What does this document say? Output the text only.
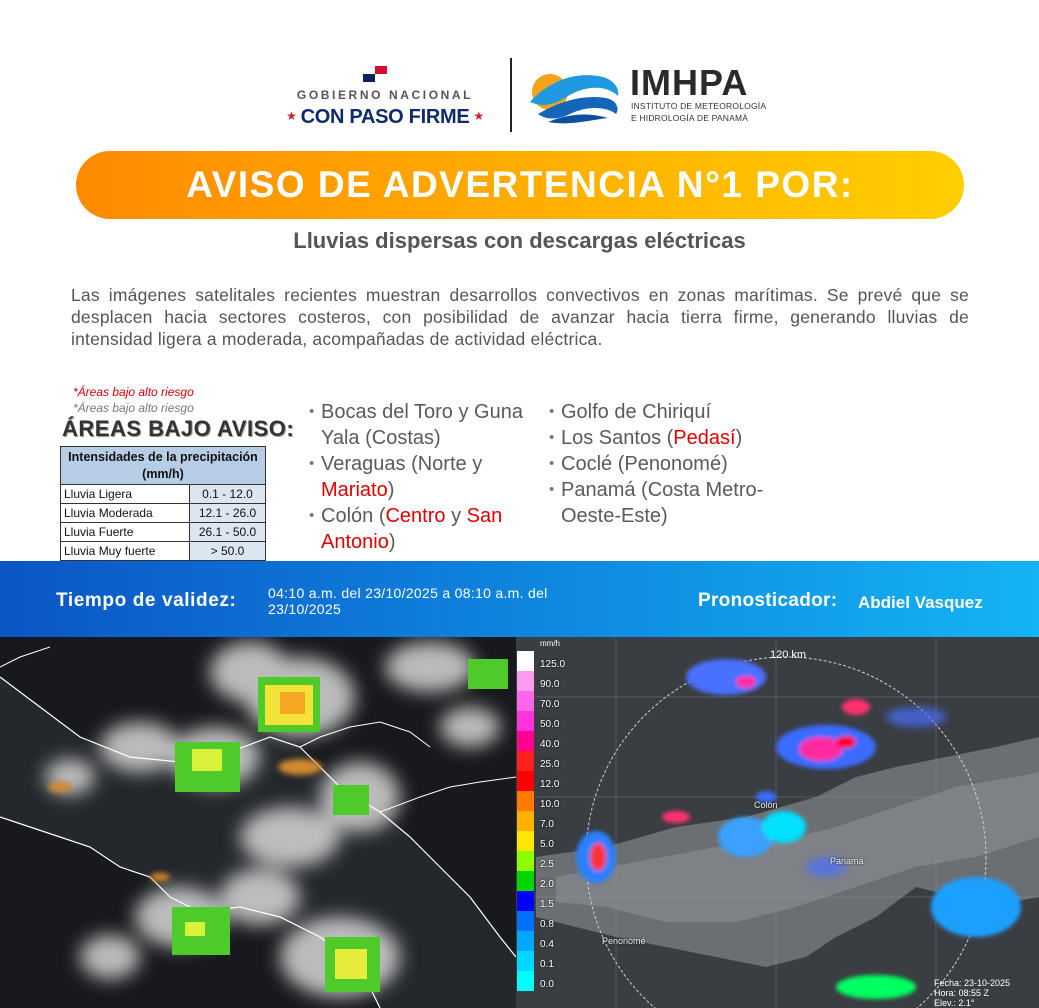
GOBIERNO NACIONAL
★ CON PASO FIRME ★
IMHPA
INSTITUTO DE METEOROLOGÍA
E HIDROLOGÍA DE PANAMÁ
AVISO DE ADVERTENCIA N°1 POR:
Lluvias dispersas con descargas eléctricas
Las imágenes satelitales recientes muestran desarrollos convectivos en zonas marítimas. Se prevé que se desplacen hacia sectores costeros, con posibilidad de avanzar hacia tierra firme, generando lluvias de intensidad ligera a moderada, acompañadas de actividad eléctrica.
*Áreas bajo alto riesgo
*Áreas bajo alto riesgo
ÁREAS BAJO AVISO:
Intensidades de la precipitación (mm/h)	
Lluvia Ligera	0.1 - 12.0
Lluvia Moderada	12.1 - 26.0
Lluvia Fuerte	26.1 - 50.0
Lluvia Muy fuerte	> 50.0
• Bocas del Toro y Guna Yala (Costas)
• Veraguas (Norte y Mariato)
• Colón (Centro y San Antonio)
• Golfo de Chiriquí
• Los Santos (Pedasí)
• Coclé (Penonomé)
• Panamá (Costa Metro-Oeste-Este)
Tiempo de validez: 04:10 a.m. del 23/10/2025 a 08:10 a.m. del 23/10/2025	Pronosticador: Abdiel Vasquez
mm/h
125.0
90.0
70.0
50.0
40.0
25.0
12.0
10.0
7.0
5.0
2.5
2.0
1.5
0.8
0.4
0.1
0.0
120 km
Colón
Panamá
Penonomé
Fecha: 23-10-2025
Hora: 08:55 Z
Elev.: 2.1°
